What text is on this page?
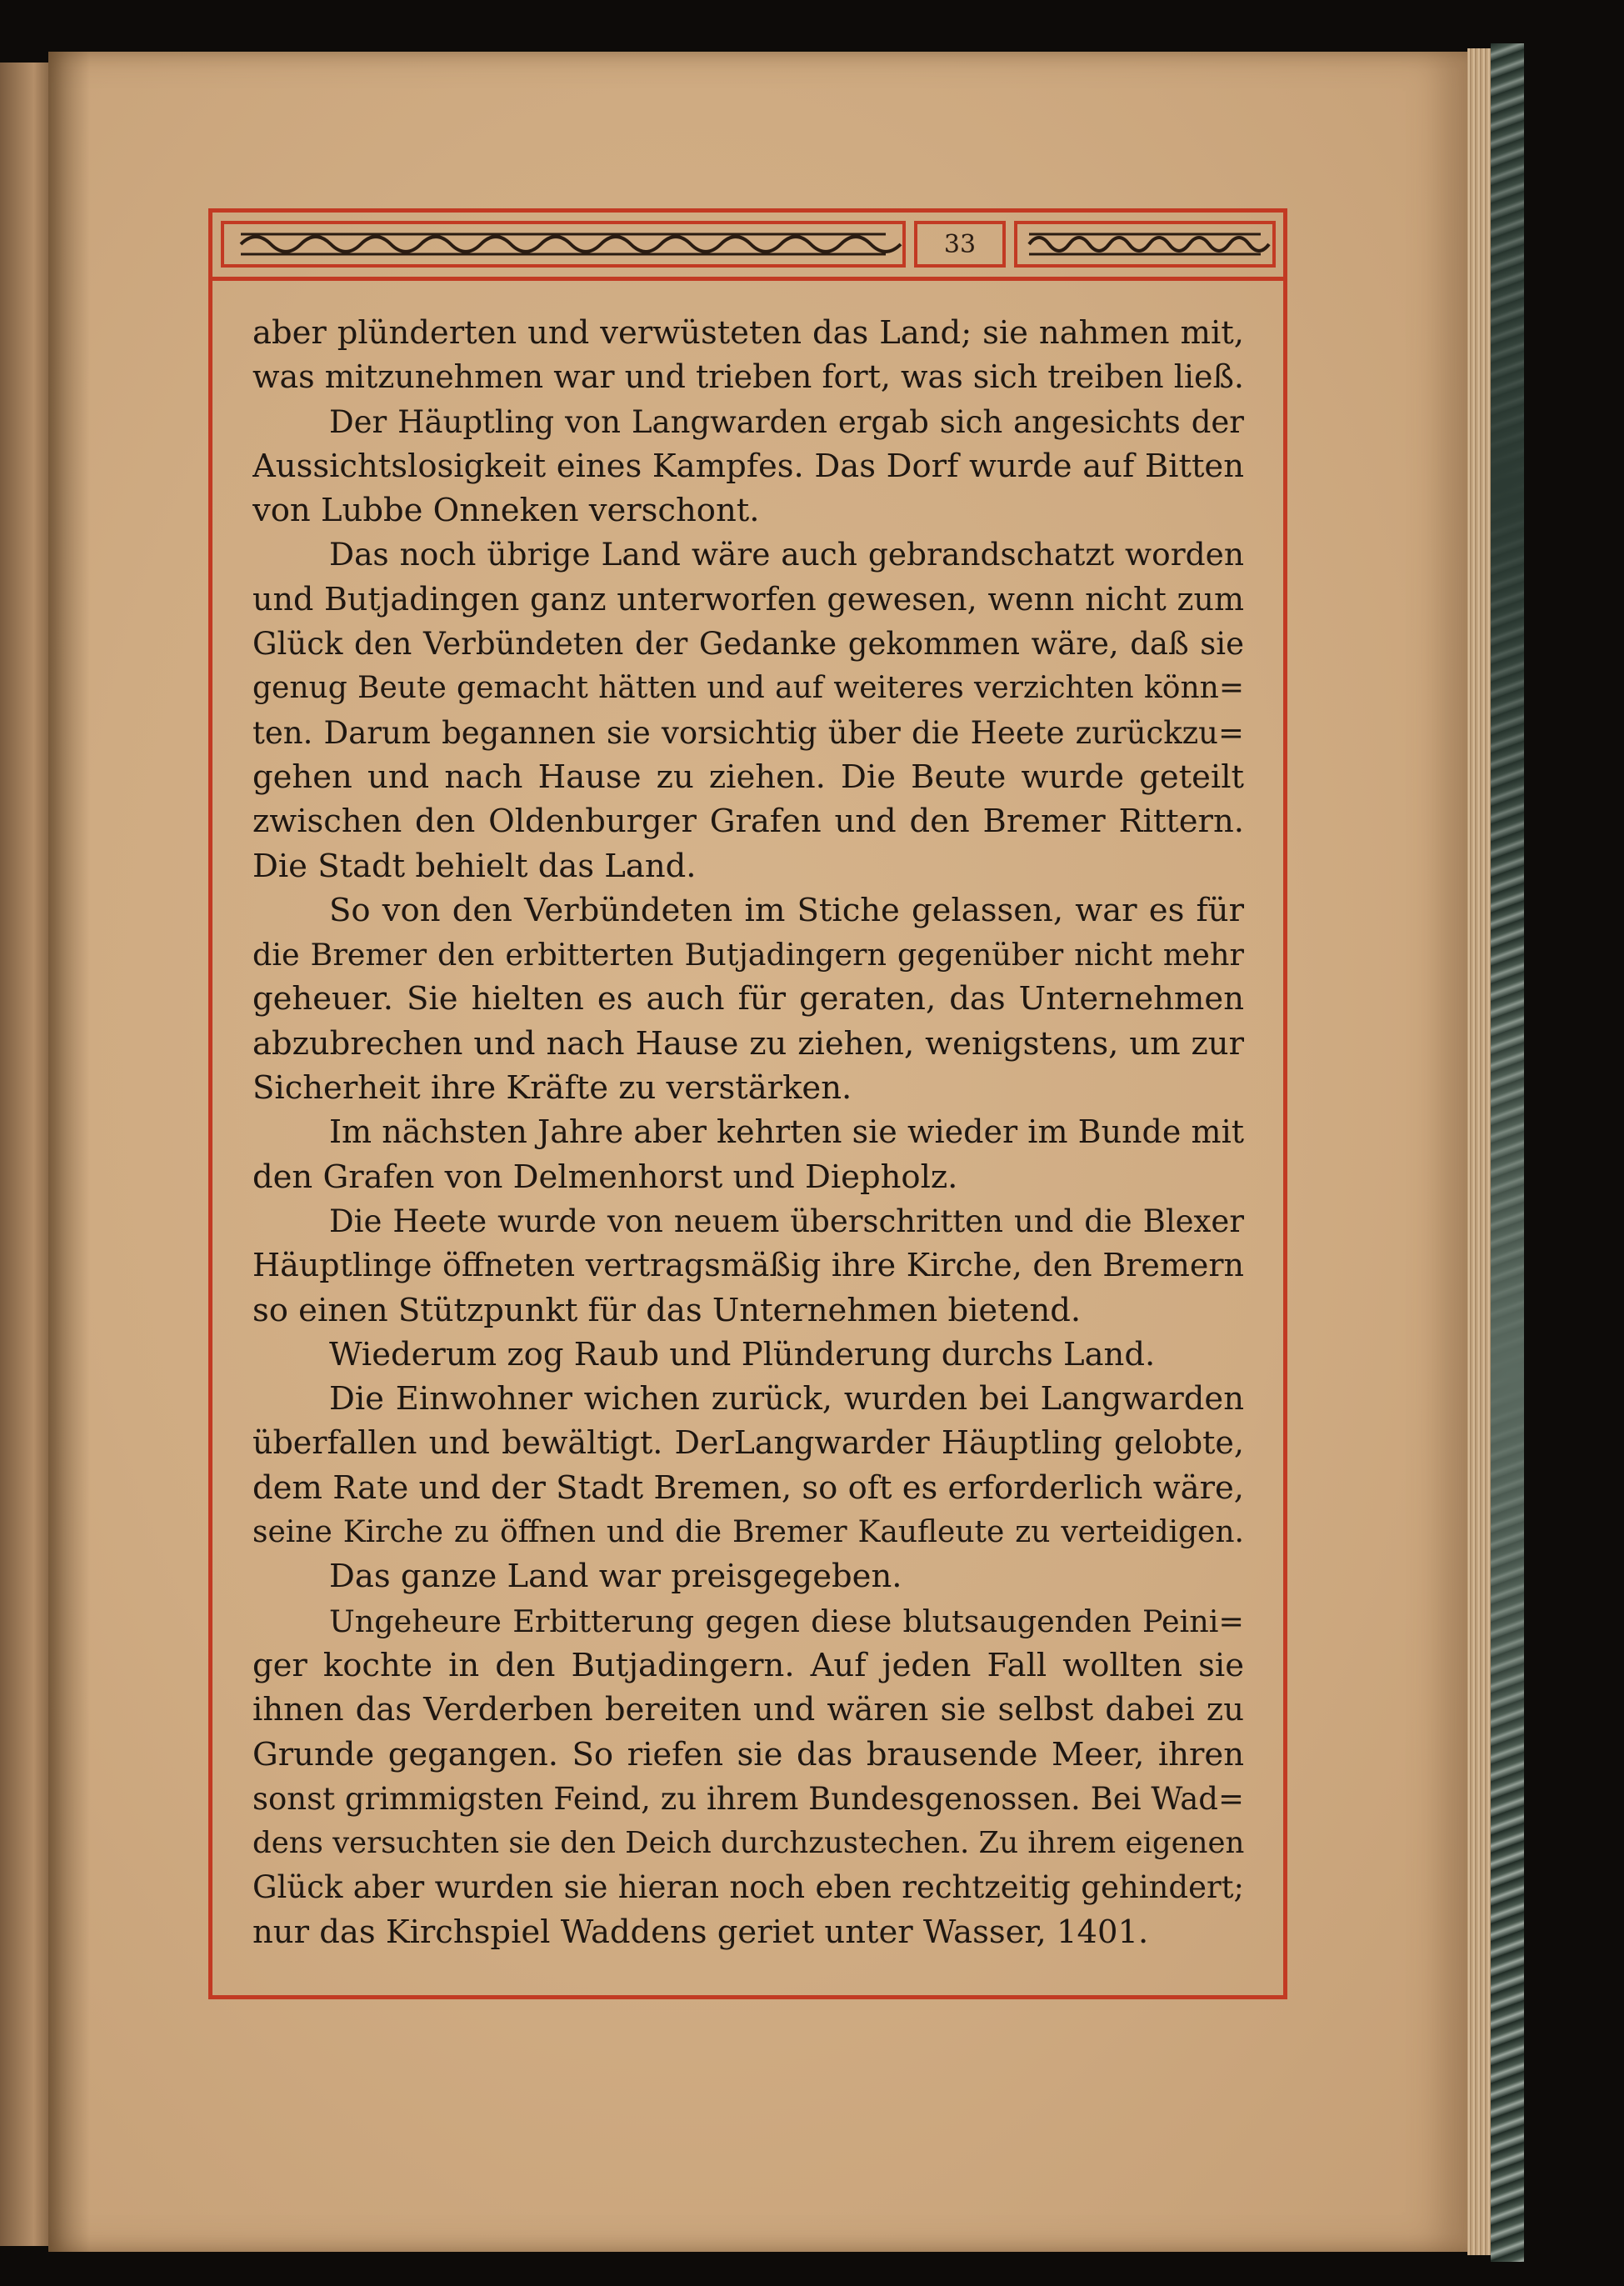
33
aber plünderten und verwüsteten das Land; sie nahmen mit,
was mitzunehmen war und trieben fort, was sich treiben ließ.
Der Häuptling von Langwarden ergab sich angesichts der
Aussichtslosigkeit eines Kampfes. Das Dorf wurde auf Bitten
von Lubbe Onneken verschont.
Das noch übrige Land wäre auch gebrandschatzt worden
und Butjadingen ganz unterworfen gewesen, wenn nicht zum
Glück den Verbündeten der Gedanke gekommen wäre, daß sie
genug Beute gemacht hätten und auf weiteres verzichten könn=
ten. Darum begannen sie vorsichtig über die Heete zurückzu=
gehen und nach Hause zu ziehen. Die Beute wurde geteilt
zwischen den Oldenburger Grafen und den Bremer Rittern.
Die Stadt behielt das Land.
So von den Verbündeten im Stiche gelassen, war es für
die Bremer den erbitterten Butjadingern gegenüber nicht mehr
geheuer. Sie hielten es auch für geraten, das Unternehmen
abzubrechen und nach Hause zu ziehen, wenigstens, um zur
Sicherheit ihre Kräfte zu verstärken.
Im nächsten Jahre aber kehrten sie wieder im Bunde mit
den Grafen von Delmenhorst und Diepholz.
Die Heete wurde von neuem überschritten und die Blexer
Häuptlinge öffneten vertragsmäßig ihre Kirche, den Bremern
so einen Stützpunkt für das Unternehmen bietend.
Wiederum zog Raub und Plünderung durchs Land.
Die Einwohner wichen zurück, wurden bei Langwarden
überfallen und bewältigt. DerLangwarder Häuptling gelobte,
dem Rate und der Stadt Bremen, so oft es erforderlich wäre,
seine Kirche zu öffnen und die Bremer Kaufleute zu verteidigen.
Das ganze Land war preisgegeben.
Ungeheure Erbitterung gegen diese blutsaugenden Peini=
ger kochte in den Butjadingern. Auf jeden Fall wollten sie
ihnen das Verderben bereiten und wären sie selbst dabei zu
Grunde gegangen. So riefen sie das brausende Meer, ihren
sonst grimmigsten Feind, zu ihrem Bundesgenossen. Bei Wad=
dens versuchten sie den Deich durchzustechen. Zu ihrem eigenen
Glück aber wurden sie hieran noch eben rechtzeitig gehindert;
nur das Kirchspiel Waddens geriet unter Wasser, 1401.
